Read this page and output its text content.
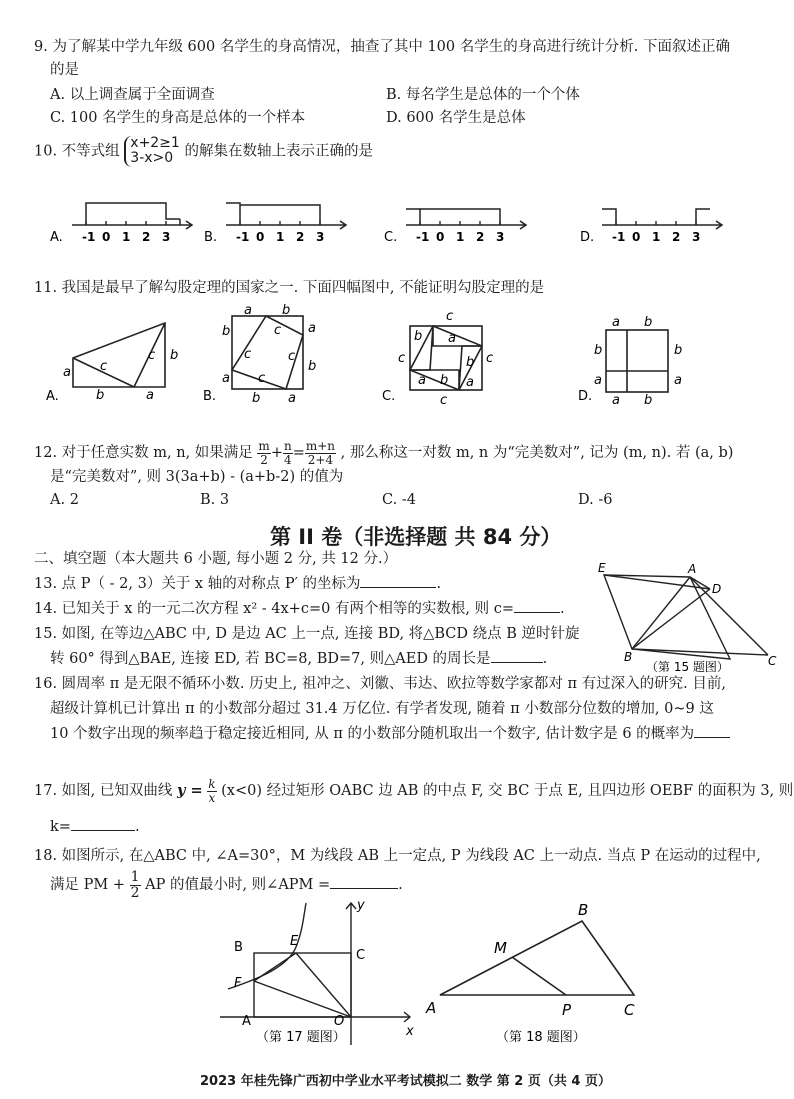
9. 为了解某中学九年级 600 名学生的身高情况，抽查了其中 100 名学生的身高进行统计分析. 下面叙述正确
的是
A. 以上调查属于全面调查	B. 每名学生是总体的一个个体
C. 100 名学生的身高是总体的一个样本	D. 600 名学生是总体
10. 不等式组
x+2≥1
3-x>0 的解集在数轴上表示正确的是
A. -1 0 1 2 3	B. -1 0 1 2 3	C. -1 0 1 2 3	D. -1 0 1 2 3
11. 我国是最早了解勾股定理的国家之一. 下面四幅图中, 不能证明勾股定理的是
A.
a c
c b
b	a	B.
a b
b
a
a
b
b a
c
c
c
c
C.
c
b a
c	c
b
a b a
c	D.
a b
b
a
b
a
a b
12. 对于任意实数 m, n, 如果满足 $\frac{m}{2} + \frac{n}{4} = \frac{m+n}{2+4}$ , 那么称这一对数 m, n 为“完美数对”, 记为 (m, n). 若 (a, b)
是“完美数对”, 则 3(3a+b) - (a+b-2) 的值为
A. 2	B. 3	C. -4	D. -6
第 II 卷（非选择题 共 84 分）
二、填空题（本大题共 6 小题, 每小题 2 分, 共 12 分.）
13. 点 P（ - 2, 3）关于 x 轴的对称点 P′ 的坐标为	.
14. 已知关于 x 的一元二次方程 x² - 4x+c=0 有两个相等的实数根, 则 c=	.
15. 如图, 在等边△ABC 中, D 是边 AC 上一点, 连接 BD, 将△BCD 绕点 B 逆时针旋
转 60° 得到△BAE, 连接 ED, 若 BC=8, BD=7, 则△AED 的周长是	.
E	A
D
B	C
（第 15 题图）
16. 圆周率 π 是无限不循环小数. 历史上, 祖冲之、刘徽、韦达、欧拉等数学家都对 π 有过深入的研究. 目前,
超级计算机已计算出 π 的小数部分超过 31.4 万亿位. 有学者发现, 随着 π 小数部分位数的增加, 0~9 这
10 个数字出现的频率趋于稳定接近相同, 从 π 的小数部分随机取出一个数字, 估计数字是 6 的概率为
17. 如图, 已知双曲线 $y = \frac{k}{x} (x<0)$ 经过矩形 OABC 边 AB 的中点 F, 交 BC 于点 E, 且四边形 OEBF 的面积为 3, 则
k=	.
18. 如图所示, 在△ABC 中, ∠A=30°，M 为线段 AB 上一定点, P 为线段 AC 上一动点. 当点 P 在运动的过程中,
满足 PM + $\frac{1}{2}$ AP 的值最小时, 则∠APM =	.
y
x
B	E
C
F
A	O
（第 17 题图）
B
M
A	P	C
（第 18 题图）
2023 年桂先锋广西初中学业水平考试模拟二 数学 第 2 页（共 4 页）
